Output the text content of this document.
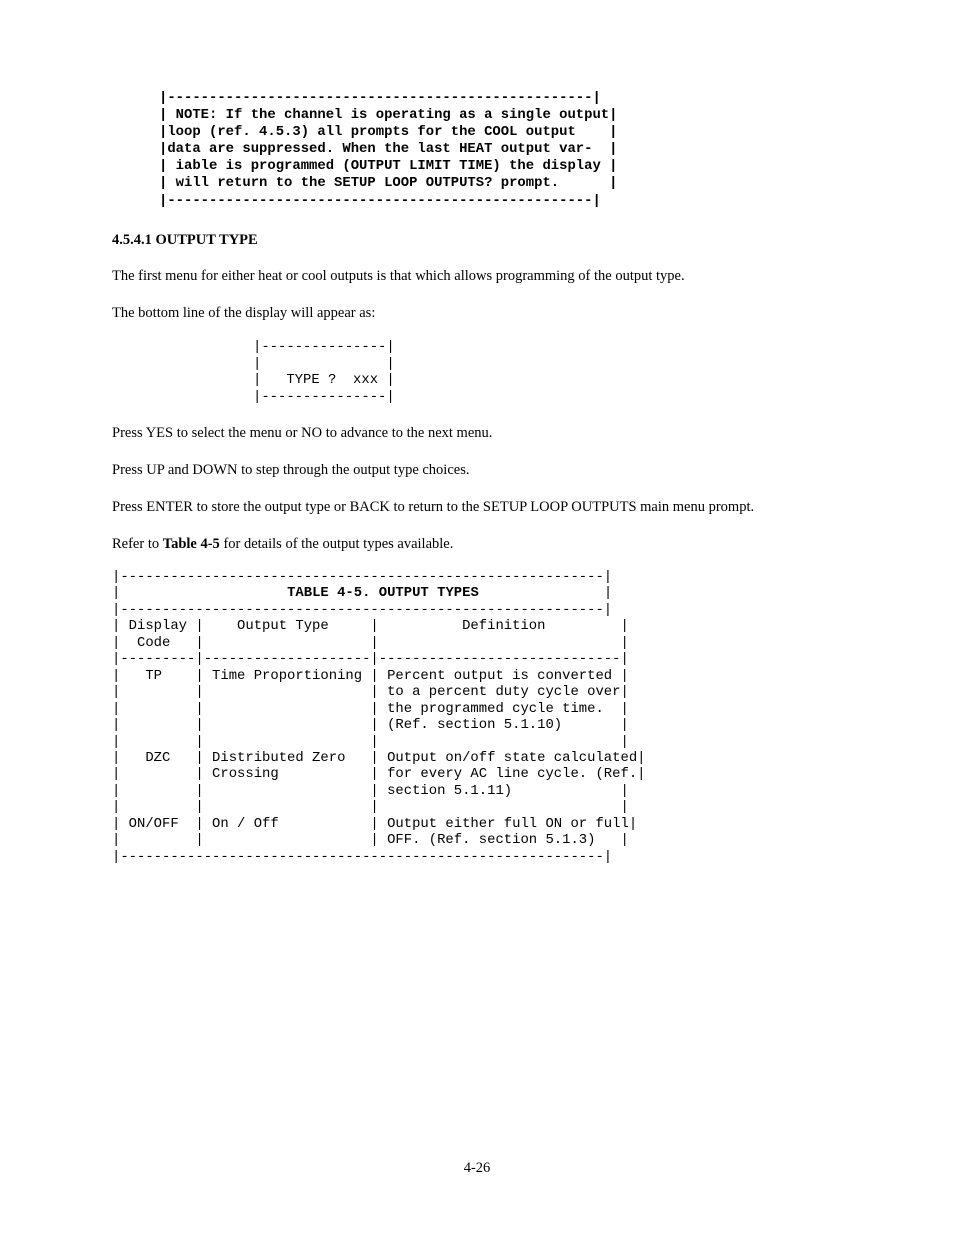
|---------------------------------------------------|
| NOTE: If the channel is operating as a single output|
|loop (ref. 4.5.3) all prompts for the COOL output    |
|data are suppressed. When the last HEAT output var-  |
| iable is programmed (OUTPUT LIMIT TIME) the display |
| will return to the SETUP LOOP OUTPUTS? prompt.      |
|---------------------------------------------------|

4.5.4.1 OUTPUT TYPE

The first menu for either heat or cool outputs is that which allows programming of the output type.

The bottom line of the display will appear as:

|---------------|
|               |
|   TYPE ?  xxx |
|---------------|

Press YES to select the menu or NO to advance to the next menu.

Press UP and DOWN to step through the output type choices.

Press ENTER to store the output type or BACK to return to the SETUP LOOP OUTPUTS main menu prompt.

Refer to Table 4-5 for details of the output types available.

|----------------------------------------------------------|
|                    TABLE 4-5. OUTPUT TYPES               |
|----------------------------------------------------------|
| Display |    Output Type     |          Definition         |
|  Code   |                    |                             |
|---------|--------------------|-----------------------------|
|   TP    | Time Proportioning | Percent output is converted |
|         |                    | to a percent duty cycle over|
|         |                    | the programmed cycle time.  |
|         |                    | (Ref. section 5.1.10)       |
|         |                    |                             |
|   DZC   | Distributed Zero   | Output on/off state calculated|
|         | Crossing           | for every AC line cycle. (Ref.|
|         |                    | section 5.1.11)             |
|         |                    |                             |
| ON/OFF  | On / Off           | Output either full ON or full|
|         |                    | OFF. (Ref. section 5.1.3)   |
|----------------------------------------------------------|

4-26
